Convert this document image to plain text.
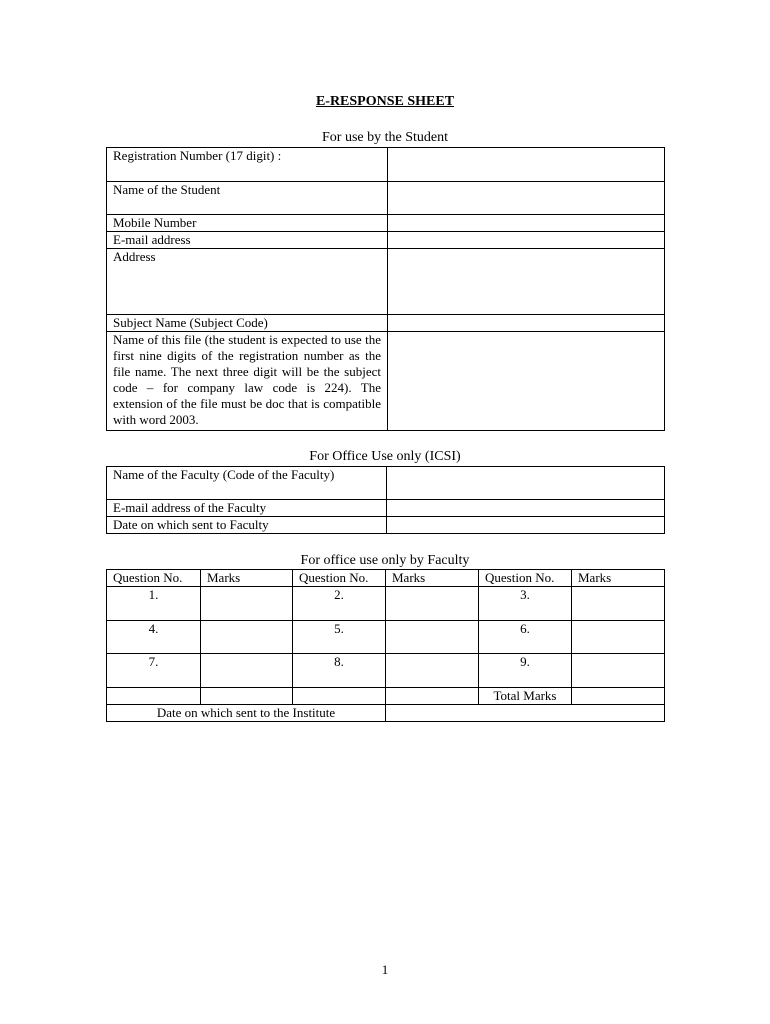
E-RESPONSE SHEET
For use by the Student
Registration Number (17 digit) :	
Name of the Student	
Mobile Number	
E-mail address	
Address	
Subject Name (Subject Code)	
Name of this file (the student is expected to use the first nine digits of the registration number as the file name. The next three digit will be the subject code – for company law code is 224). The extension of the file must be doc that is compatible with word 2003.	
For Office Use only (ICSI)
Name of the Faculty (Code of the Faculty)	
E-mail address of the Faculty	
Date on which sent to Faculty	
For office use only by Faculty
Question No.	Marks	Question No.	Marks	Question No.	Marks
1.		2.		3.	
4.		5.		6.	
7.		8.		9.	
				Total Marks	
Date on which sent to the Institute					
1
